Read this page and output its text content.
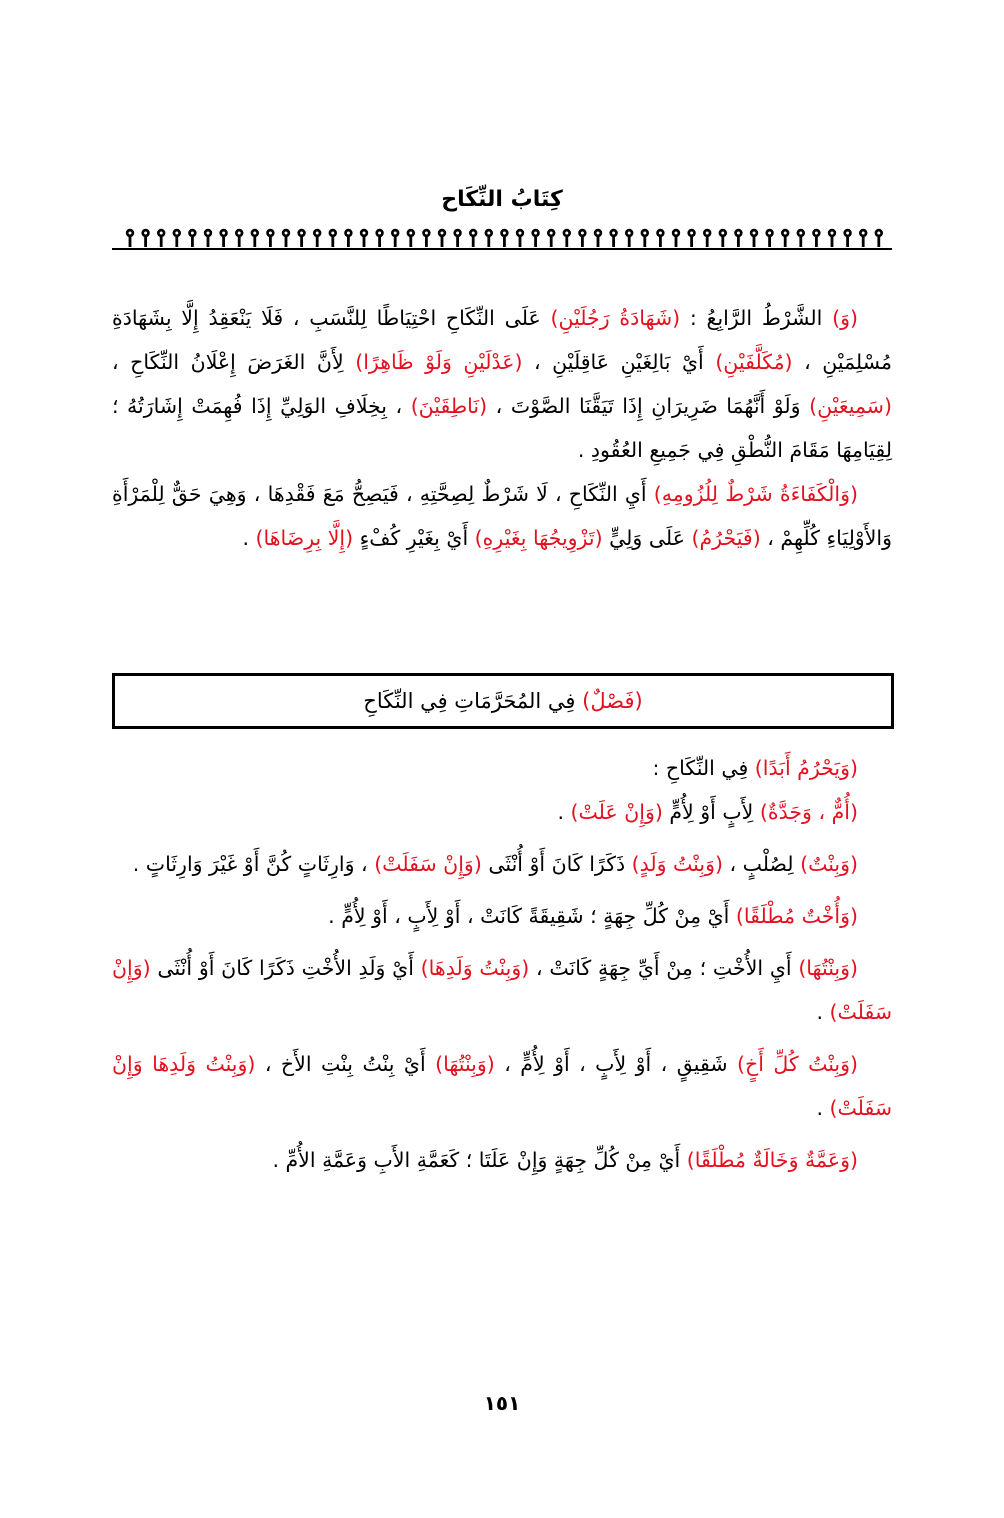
كِتَابُ النِّكَاح

(وَ) الشَّرْطُ الرَّابِعُ : (شَهَادَةُ رَجُلَيْنِ) عَلَى النِّكَاحِ احْتِيَاطًا لِلنَّسَبِ ، فَلَا يَنْعَقِدُ إِلَّا بِشَهَادَةِ مُسْلِمَيْنِ ، (مُكَلَّفَيْنِ) أَيْ بَالِغَيْنِ عَاقِلَيْنِ ، (عَدْلَيْنِ وَلَوْ ظَاهِرًا) لِأَنَّ الغَرَضَ إِعْلَانُ النِّكَاحِ ، (سَمِيعَيْنِ) وَلَوْ أَنَّهُمَا ضَرِيرَانِ إِذَا تَيَقَّنَا الصَّوْتَ ، (نَاطِقَيْنَ) ، بِخِلَافِ الوَلِيِّ إِذَا فُهِمَتْ إِشَارَتُهُ ؛ لِقِيَامِهَا مَقَامَ النُّطْقِ فِي جَمِيعِ العُقُودِ .

(وَالْكَفَاءَةُ شَرْطٌ لِلُزُومِهِ) أَيِ النِّكَاحِ ، لَا شَرْطٌ لِصِحَّتِهِ ، فَيَصِحُّ مَعَ فَقْدِهَا ، وَهِيَ حَقٌّ لِلْمَرْأَةِ وَالأَوْلِيَاءِ كُلِّهِمْ ، (فَيَحْرُمُ) عَلَى وَلِيٍّ (تَزْوِيجُهَا بِغَيْرِهِ) أَيْ بِغَيْرِ كُفْءٍ (إِلَّا بِرِضَاهَا) .

(فَصْلٌ) فِي المُحَرَّمَاتِ فِي النِّكَاحِ

(وَيَحْرُمُ أَبَدًا) فِي النِّكَاحِ :

(أُمٌّ ، وَجَدَّةٌ) لِأَبٍ أَوْ لِأُمٍّ (وَإِنْ عَلَتْ) .

(وَبِنْتٌ) لِصُلْبٍ ، (وَبِنْتُ وَلَدٍ) ذَكَرًا كَانَ أَوْ أُنْثَى (وَإِنْ سَفَلَتْ) ، وَارِثَاتٍ كُنَّ أَوْ غَيْرَ وَارِثَاتٍ .

(وَأُخْتٌ مُطْلَقًا) أَيْ مِنْ كُلِّ جِهَةٍ ؛ شَقِيقَةً كَانَتْ ، أَوْ لِأَبٍ ، أَوْ لِأُمٍّ .

(وَبِنْتُهَا) أَيِ الأُخْتِ ؛ مِنْ أَيِّ جِهَةٍ كَانَتْ ، (وَبِنْتُ وَلَدِهَا) أَيْ وَلَدِ الأُخْتِ ذَكَرًا كَانَ أَوْ أُنْثَى (وَإِنْ سَفَلَتْ) .

(وَبِنْتُ كُلِّ أَخٍ) شَقِيقٍ ، أَوْ لِأَبٍ ، أَوْ لِأُمٍّ ، (وَبِنْتُهَا) أَيْ بِنْتُ بِنْتِ الأَخ ، (وَبِنْتُ وَلَدِهَا وَإِنْ سَفَلَتْ) .

(وَعَمَّةٌ وَخَالَةٌ مُطْلَقًا) أَيْ مِنْ كُلِّ جِهَةٍ وَإِنْ عَلَتَا ؛ كَعَمَّةِ الأَبِ وَعَمَّةِ الأُمِّ .

١٥١
